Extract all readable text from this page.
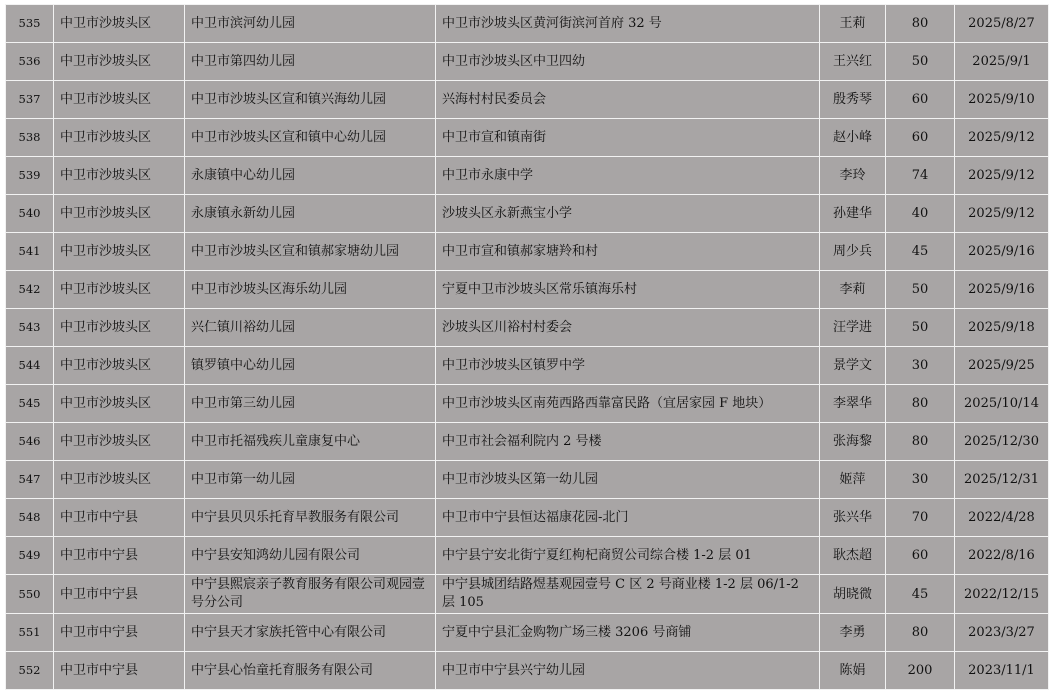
535	中卫市沙坡头区	中卫市滨河幼儿园	中卫市沙坡头区黄河街滨河首府 32 号	王莉	80	2025/8/27
536	中卫市沙坡头区	中卫市第四幼儿园	中卫市沙坡头区中卫四幼	王兴红	50	2025/9/1
537	中卫市沙坡头区	中卫市沙坡头区宣和镇兴海幼儿园	兴海村村民委员会	殷秀琴	60	2025/9/10
538	中卫市沙坡头区	中卫市沙坡头区宣和镇中心幼儿园	中卫市宣和镇南街	赵小峰	60	2025/9/12
539	中卫市沙坡头区	永康镇中心幼儿园	中卫市永康中学	李玲	74	2025/9/12
540	中卫市沙坡头区	永康镇永新幼儿园	沙坡头区永新燕宝小学	孙建华	40	2025/9/12
541	中卫市沙坡头区	中卫市沙坡头区宣和镇郝家塘幼儿园	中卫市宣和镇郝家塘羚和村	周少兵	45	2025/9/16
542	中卫市沙坡头区	中卫市沙坡头区海乐幼儿园	宁夏中卫市沙坡头区常乐镇海乐村	李莉	50	2025/9/16
543	中卫市沙坡头区	兴仁镇川裕幼儿园	沙坡头区川裕村村委会	汪学进	50	2025/9/18
544	中卫市沙坡头区	镇罗镇中心幼儿园	中卫市沙坡头区镇罗中学	景学文	30	2025/9/25
545	中卫市沙坡头区	中卫市第三幼儿园	中卫市沙坡头区南苑西路西靠富民路（宜居家园 F 地块）	李翠华	80	2025/10/14
546	中卫市沙坡头区	中卫市托福残疾儿童康复中心	中卫市社会福利院内 2 号楼	张海黎	80	2025/12/30
547	中卫市沙坡头区	中卫市第一幼儿园	中卫市沙坡头区第一幼儿园	姬萍	30	2025/12/31
548	中卫市中宁县	中宁县贝贝乐托育早教服务有限公司	中卫市中宁县恒达福康花园-北门	张兴华	70	2022/4/28
549	中卫市中宁县	中宁县安知鸿幼儿园有限公司	中宁县宁安北街宁夏红枸杞商贸公司综合楼 1-2 层 01	耿杰超	60	2022/8/16
550	中卫市中宁县	中宁县熙宸亲子教育服务有限公司观园壹号分公司	中宁县城团结路煜基观园壹号 C 区 2 号商业楼 1-2 层 06/1-2 层 105	胡晓微	45	2022/12/15
551	中卫市中宁县	中宁县天才家族托管中心有限公司	宁夏中宁县汇金购物广场三楼 3206 号商铺	李勇	80	2023/3/27
552	中卫市中宁县	中宁县心怡童托育服务有限公司	中卫市中宁县兴宁幼儿园	陈娟	200	2023/11/1
